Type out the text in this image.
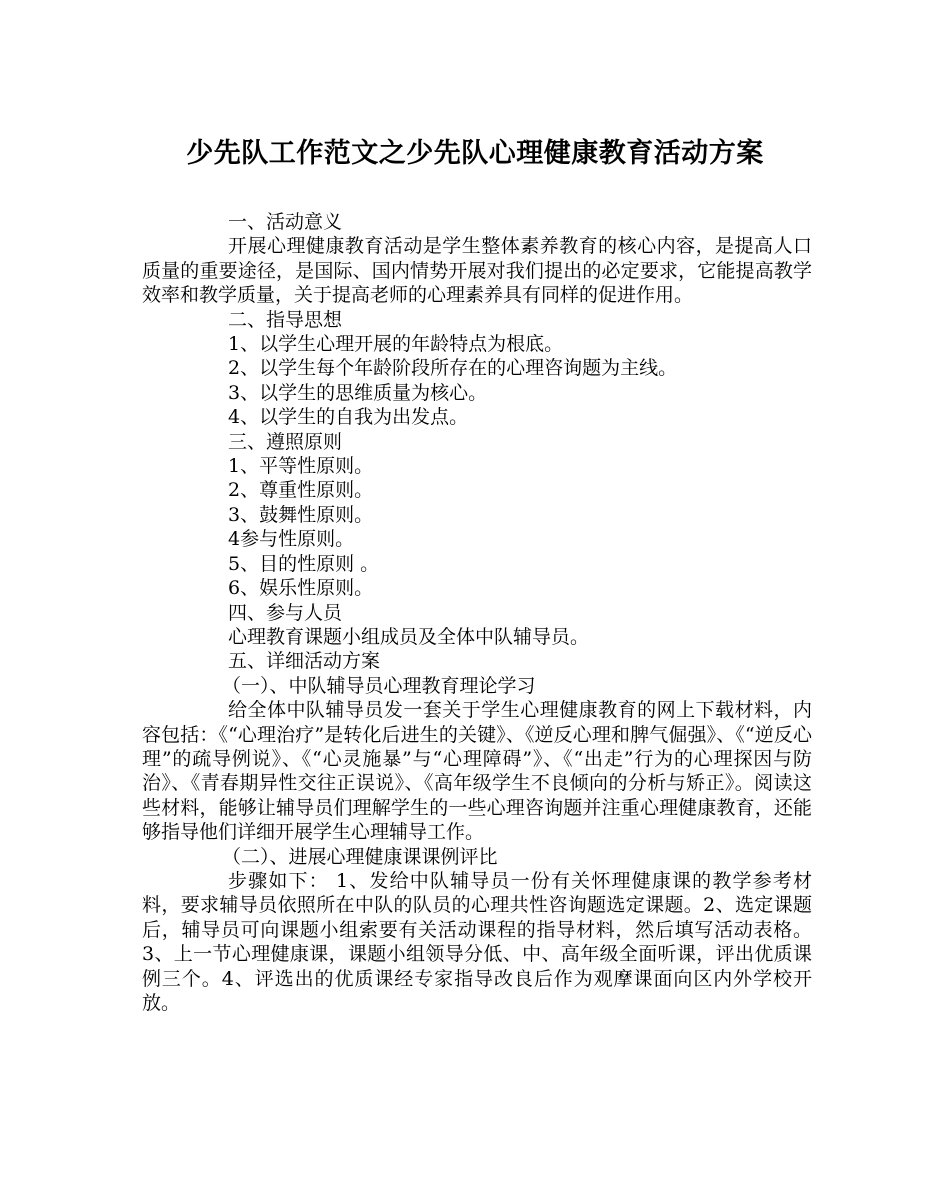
少先队工作范文之少先队心理健康教育活动方案

一、活动意义

开展心理健康教育活动是学生整体素养教育的核心内容，是提高人口质量的重要途径，是国际、国内情势开展对我们提出的必定要求，它能提高教学效率和教学质量，关于提高老师的心理素养具有同样的促进作用。

二、指导思想

1、以学生心理开展的年龄特点为根底。

2、以学生每个年龄阶段所存在的心理咨询题为主线。

3、以学生的思维质量为核心。

4、以学生的自我为出发点。

三、遵照原则

1、平等性原则。

2、尊重性原则。

3、鼓舞性原则。

4参与性原则。

5、目的性原则 。

6、娱乐性原则。

四、参与人员

心理教育课题小组成员及全体中队辅导员。

五、详细活动方案

（一）、中队辅导员心理教育理论学习

给全体中队辅导员发一套关于学生心理健康教育的网上下载材料，内容包括：《“心理治疗”是转化后进生的关键》、《逆反心理和脾气倔强》、《“逆反心理”的疏导例说》、《“心灵施暴”与“心理障碍”》、《“出走”行为的心理探因与防治》、《青春期异性交往正误说》、《高年级学生不良倾向的分析与矫正》。阅读这些材料，能够让辅导员们理解学生的一些心理咨询题并注重心理健康教育，还能够指导他们详细开展学生心理辅导工作。

（二）、进展心理健康课课例评比

步骤如下： 1、发给中队辅导员一份有关怀理健康课的教学参考材料，要求辅导员依照所在中队的队员的心理共性咨询题选定课题。2、选定课题后，辅导员可向课题小组索要有关活动课程的指导材料，然后填写活动表格。3、上一节心理健康课，课题小组领导分低、中、高年级全面听课，评出优质课例三个。4、评选出的优质课经专家指导改良后作为观摩课面向区内外学校开放。
